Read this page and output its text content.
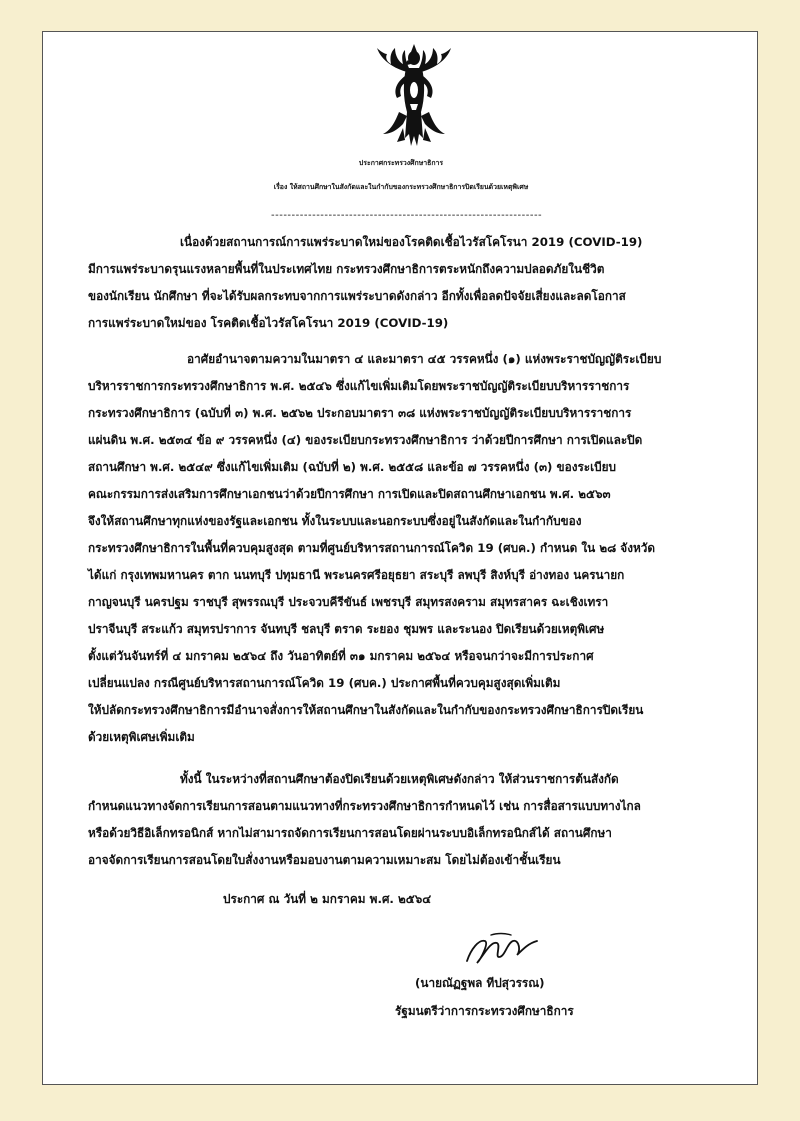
ประกาศกระทรวงศึกษาธิการ
เรื่อง ให้สถานศึกษาในสังกัดและในกำกับของกระทรวงศึกษาธิการปิดเรียนด้วยเหตุพิเศษ
------------------------------------------------------------------
เนื่องด้วยสถานการณ์การแพร่ระบาดใหม่ของโรคติดเชื้อไวรัสโคโรนา 2019 (COVID-19)
มีการแพร่ระบาดรุนแรงหลายพื้นที่ในประเทศไทย กระทรวงศึกษาธิการตระหนักถึงความปลอดภัยในชีวิต
ของนักเรียน นักศึกษา ที่จะได้รับผลกระทบจากการแพร่ระบาดดังกล่าว อีกทั้งเพื่อลดปัจจัยเสี่ยงและลดโอกาส
การแพร่ระบาดใหม่ของ โรคติดเชื้อไวรัสโคโรนา 2019 (COVID-19)
อาศัยอำนาจตามความในมาตรา ๔ และมาตรา ๔๕ วรรคหนึ่ง (๑) แห่งพระราชบัญญัติระเบียบ
บริหารราชการกระทรวงศึกษาธิการ พ.ศ. ๒๕๔๖ ซึ่งแก้ไขเพิ่มเติมโดยพระราชบัญญัติระเบียบบริหารราชการ
กระทรวงศึกษาธิการ (ฉบับที่ ๓) พ.ศ. ๒๕๖๒ ประกอบมาตรา ๓๘ แห่งพระราชบัญญัติระเบียบบริหารราชการ
แผ่นดิน พ.ศ. ๒๕๓๔ ข้อ ๙ วรรคหนึ่ง (๔) ของระเบียบกระทรวงศึกษาธิการ ว่าด้วยปีการศึกษา การเปิดและปิด
สถานศึกษา พ.ศ. ๒๕๔๙ ซึ่งแก้ไขเพิ่มเติม (ฉบับที่ ๒) พ.ศ. ๒๕๕๘ และข้อ ๗ วรรคหนึ่ง (๓) ของระเบียบ
คณะกรรมการส่งเสริมการศึกษาเอกชนว่าด้วยปีการศึกษา การเปิดและปิดสถานศึกษาเอกชน พ.ศ. ๒๕๖๓
จึงให้สถานศึกษาทุกแห่งของรัฐและเอกชน ทั้งในระบบและนอกระบบซึ่งอยู่ในสังกัดและในกำกับของ
กระทรวงศึกษาธิการในพื้นที่ควบคุมสูงสุด ตามที่ศูนย์บริหารสถานการณ์โควิด 19 (ศบค.) กำหนด ใน ๒๘ จังหวัด
ได้แก่ กรุงเทพมหานคร ตาก นนทบุรี ปทุมธานี พระนครศรีอยุธยา สระบุรี ลพบุรี สิงห์บุรี อ่างทอง นครนายก
กาญจนบุรี นครปฐม ราชบุรี สุพรรณบุรี ประจวบคีรีขันธ์ เพชรบุรี สมุทรสงคราม สมุทรสาคร ฉะเชิงเทรา
ปราจีนบุรี สระแก้ว สมุทรปราการ จันทบุรี ชลบุรี ตราด ระยอง ชุมพร และระนอง ปิดเรียนด้วยเหตุพิเศษ
ตั้งแต่วันจันทร์ที่ ๔ มกราคม ๒๕๖๔ ถึง วันอาทิตย์ที่ ๓๑ มกราคม ๒๕๖๔ หรือจนกว่าจะมีการประกาศ
เปลี่ยนแปลง กรณีศูนย์บริหารสถานการณ์โควิด 19 (ศบค.) ประกาศพื้นที่ควบคุมสูงสุดเพิ่มเติม
ให้ปลัดกระทรวงศึกษาธิการมีอำนาจสั่งการให้สถานศึกษาในสังกัดและในกำกับของกระทรวงศึกษาธิการปิดเรียน
ด้วยเหตุพิเศษเพิ่มเติม
ทั้งนี้ ในระหว่างที่สถานศึกษาต้องปิดเรียนด้วยเหตุพิเศษดังกล่าว ให้ส่วนราชการต้นสังกัด
กำหนดแนวทางจัดการเรียนการสอนตามแนวทางที่กระทรวงศึกษาธิการกำหนดไว้ เช่น การสื่อสารแบบทางไกล
หรือด้วยวิธีอิเล็กทรอนิกส์ หากไม่สามารถจัดการเรียนการสอนโดยผ่านระบบอิเล็กทรอนิกส์ได้ สถานศึกษา
อาจจัดการเรียนการสอนโดยใบสั่งงานหรือมอบงานตามความเหมาะสม โดยไม่ต้องเข้าชั้นเรียน
ประกาศ ณ วันที่ ๒ มกราคม พ.ศ. ๒๕๖๔
(นายณัฏฐพล ทีปสุวรรณ)
รัฐมนตรีว่าการกระทรวงศึกษาธิการ
